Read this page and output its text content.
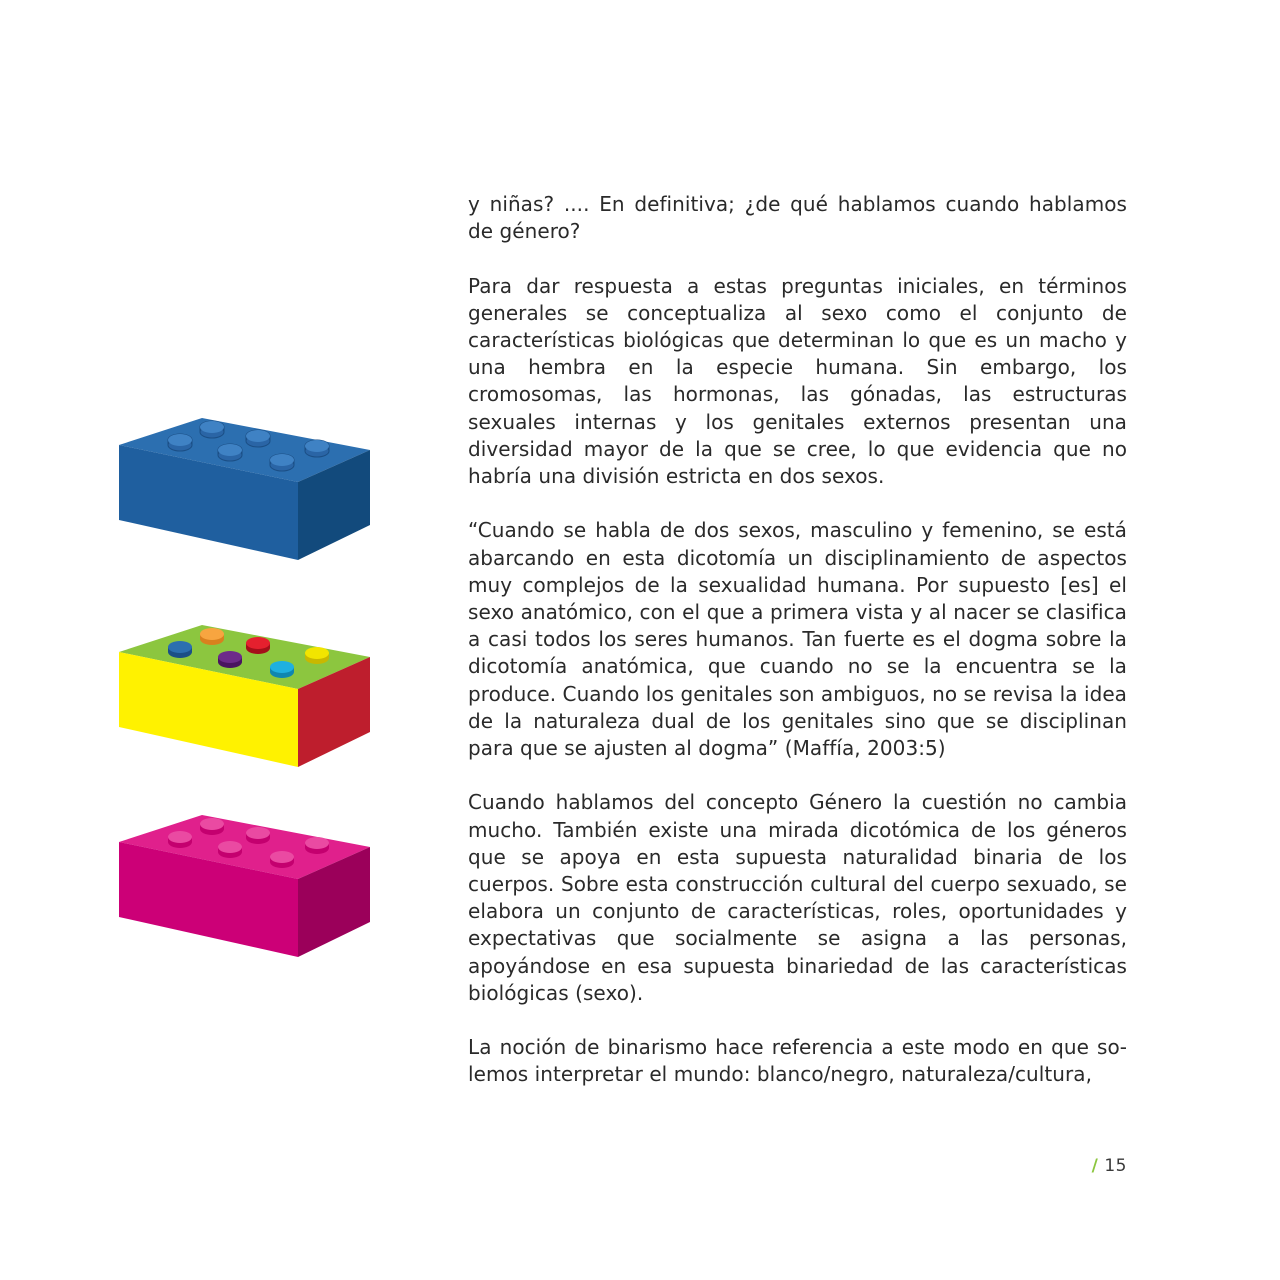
y niñas? .... En definitiva; ¿de qué hablamos cuando hablamos de género?

Para dar respuesta a estas preguntas iniciales, en términos generales se conceptualiza al sexo como el conjunto de características biológicas que determinan lo que es un macho y una hembra en la especie humana. Sin embargo, los cromosomas, las hormonas, las gónadas, las estructuras sexuales internas y los genitales externos presentan una diversidad mayor de la que se cree, lo que evidencia que no habría una división estricta en dos sexos.

“Cuando se habla de dos sexos, masculino y femenino, se está abarcando en esta dicotomía un disciplinamiento de aspectos muy complejos de la sexualidad humana. Por supuesto [es] el sexo anatómico, con el que a primera vista y al nacer se clasifica a casi todos los seres humanos. Tan fuerte es el dogma sobre la dicotomía anatómica, que cuando no se la encuentra se la produce. Cuando los genitales son ambiguos, no se revisa la idea de la naturaleza dual de los genitales sino que se disciplinan para que se ajusten al dogma” (Maffía, 2003:5)

Cuando hablamos del concepto Género la cuestión no cambia mucho. También existe una mirada dicotómica de los géneros que se apoya en esta supuesta naturalidad binaria de los cuerpos. Sobre esta construcción cultural del cuerpo sexuado, se elabora un conjunto de características, roles, oportunidades y expectativas que socialmente se asigna a las personas, apoyándose en esa supuesta binariedad de las características biológicas (sexo).

La noción de binarismo hace referencia a este modo en que solemos interpretar el mundo: blanco/negro, naturaleza/cultura,

/ 15
